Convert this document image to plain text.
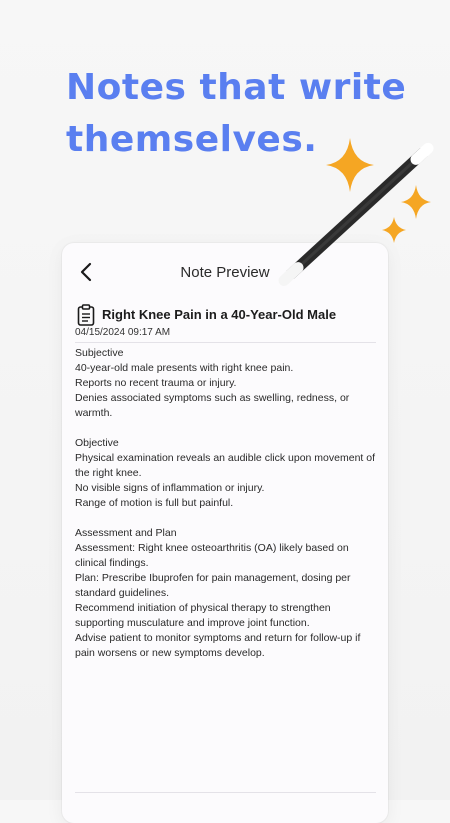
Notes that write
themselves.
Note Preview
Right Knee Pain in a 40-Year-Old Male
04/15/2024 09:17 AM

Subjective

40-year-old male presents with right knee pain.

Reports no recent trauma or injury.

Denies associated symptoms such as swelling, redness, or warmth.

Objective

Physical examination reveals an audible click upon movement of the right knee.

No visible signs of inflammation or injury.

Range of motion is full but painful.

Assessment and Plan

Assessment: Right knee osteoarthritis (OA) likely based on clinical findings.

Plan: Prescribe Ibuprofen for pain management, dosing per standard guidelines.

Recommend initiation of physical therapy to strengthen supporting musculature and improve joint function.

Advise patient to monitor symptoms and return for follow-up if pain worsens or new symptoms develop.
